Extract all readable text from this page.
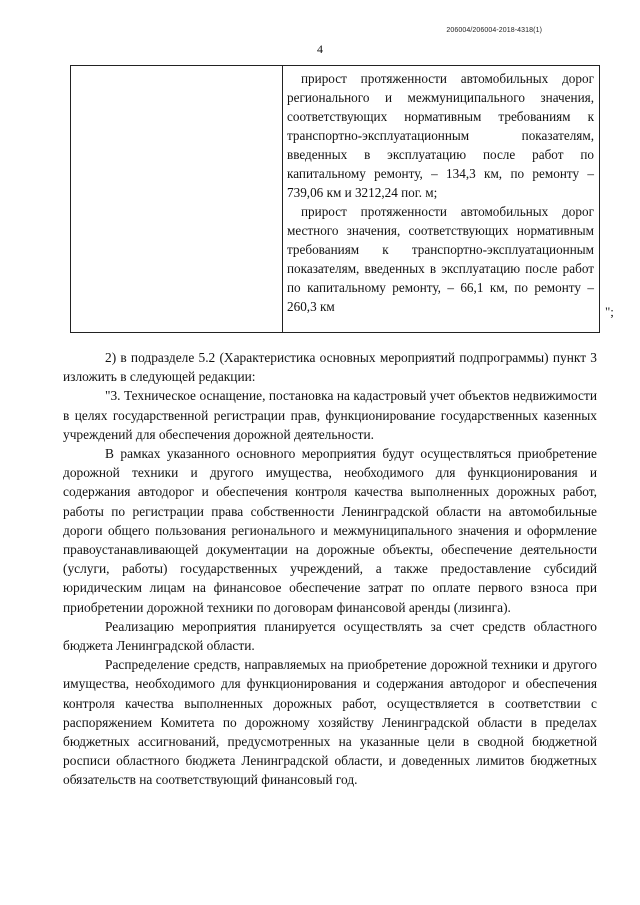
206004/206004-2018-4318(1)
4

прирост протяженности автомобильных дорог регионального и межмуниципального значения, соответствующих нормативным требованиям к транспортно-эксплуатационным показателям, введенных в эксплуатацию после работ по капитальному ремонту, – 134,3 км, по ремонту – 739,06 км и 3212,24 пог. м;

прирост протяженности автомобильных дорог местного значения, соответствующих нормативным требованиям к транспортно-эксплуатационным показателям, введенных в эксплуатацию после работ по капитальному ремонту, – 66,1 км, по ремонту – 260,3 км	";

2) в подразделе 5.2 (Характеристика основных мероприятий подпрограммы) пункт 3 изложить в следующей редакции:

"3. Техническое оснащение, постановка на кадастровый учет объектов недвижимости в целях государственной регистрации прав, функционирование государственных казенных учреждений для обеспечения дорожной деятельности.

В рамках указанного основного мероприятия будут осуществляться приобретение дорожной техники и другого имущества, необходимого для функционирования и содержания автодорог и обеспечения контроля качества выполненных дорожных работ, работы по регистрации права собственности Ленинградской области на автомобильные дороги общего пользования регионального и межмуниципального значения и оформление правоустанавливающей документации на дорожные объекты, обеспечение деятельности (услуги, работы) государственных учреждений, а также предоставление субсидий юридическим лицам на финансовое обеспечение затрат по оплате первого взноса при приобретении дорожной техники по договорам финансовой аренды (лизинга).

Реализацию мероприятия планируется осуществлять за счет средств областного бюджета Ленинградской области.

Распределение средств, направляемых на приобретение дорожной техники и другого имущества, необходимого для функционирования и содержания автодорог и обеспечения контроля качества выполненных дорожных работ, осуществляется в соответствии с распоряжением Комитета по дорожному хозяйству Ленинградской области в пределах бюджетных ассигнований, предусмотренных на указанные цели в сводной бюджетной росписи областного бюджета Ленинградской области, и доведенных лимитов бюджетных обязательств на соответствующий финансовый год.
